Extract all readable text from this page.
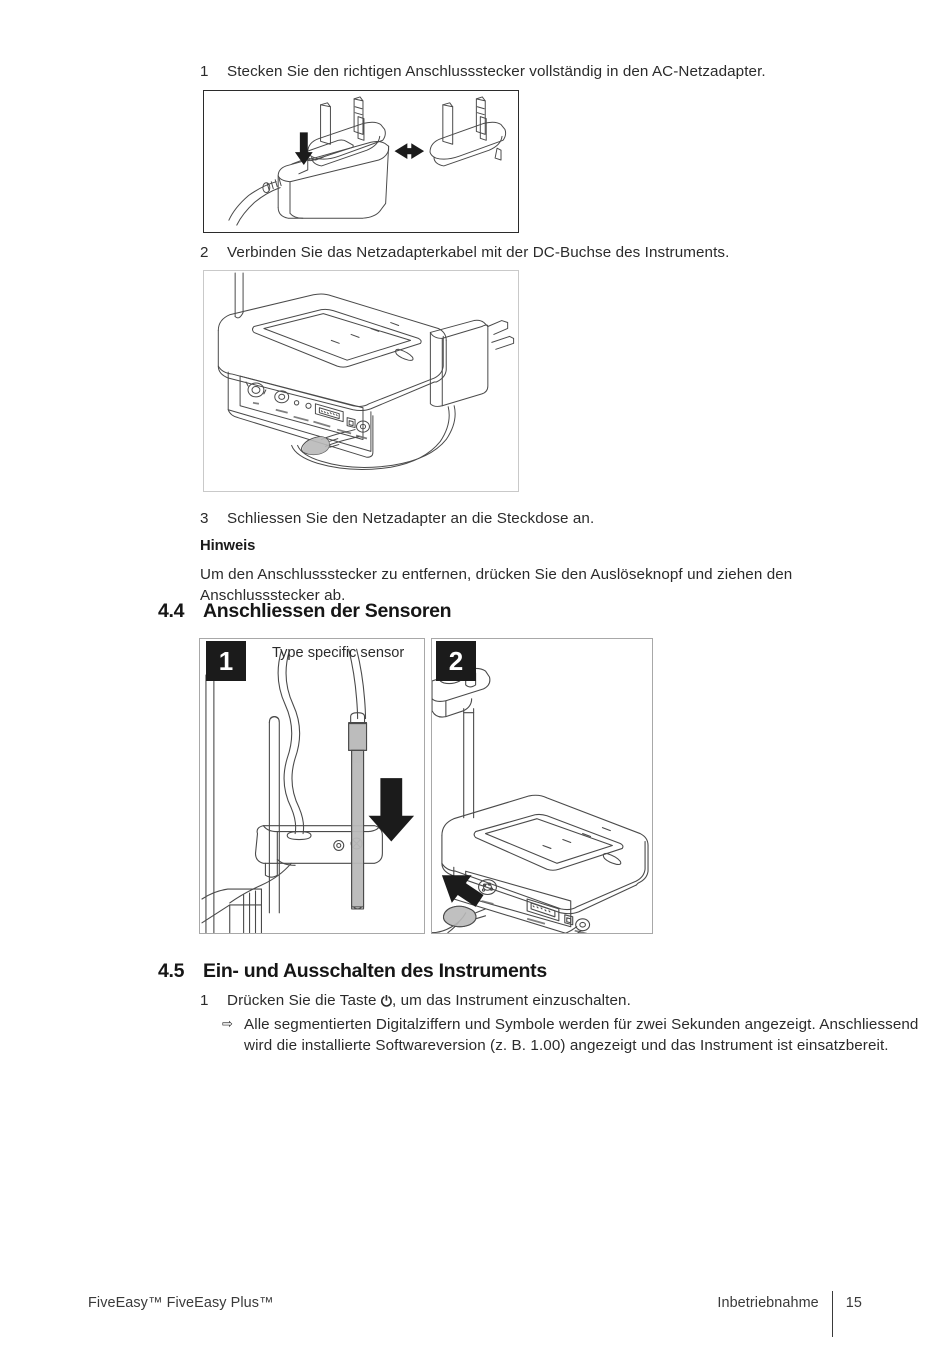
1	Stecken Sie den richtigen Anschlussstecker vollständig in den AC-Netzadapter.
2	Verbinden Sie das Netzadapterkabel mit der DC-Buchse des Instruments.
3	Schliessen Sie den Netzadapter an die Steckdose an.
Hinweis
Um den Anschlussstecker zu entfernen, drücken Sie den Auslöseknopf und ziehen den Anschlussstecker ab.
4.4 Anschliessen der Sensoren
1	Type specific sensor	2
4.5 Ein- und Ausschalten des Instruments
1	Drücken Sie die Taste ⏻, um das Instrument einzuschalten.
⇨ Alle segmentierten Digitalziffern und Symbole werden für zwei Sekunden angezeigt. Anschliessend wird die installierte Softwareversion (z. B. 1.00) angezeigt und das Instrument ist einsatzbereit.
FiveEasy™ FiveEasy Plus™	Inbetriebnahme 15
